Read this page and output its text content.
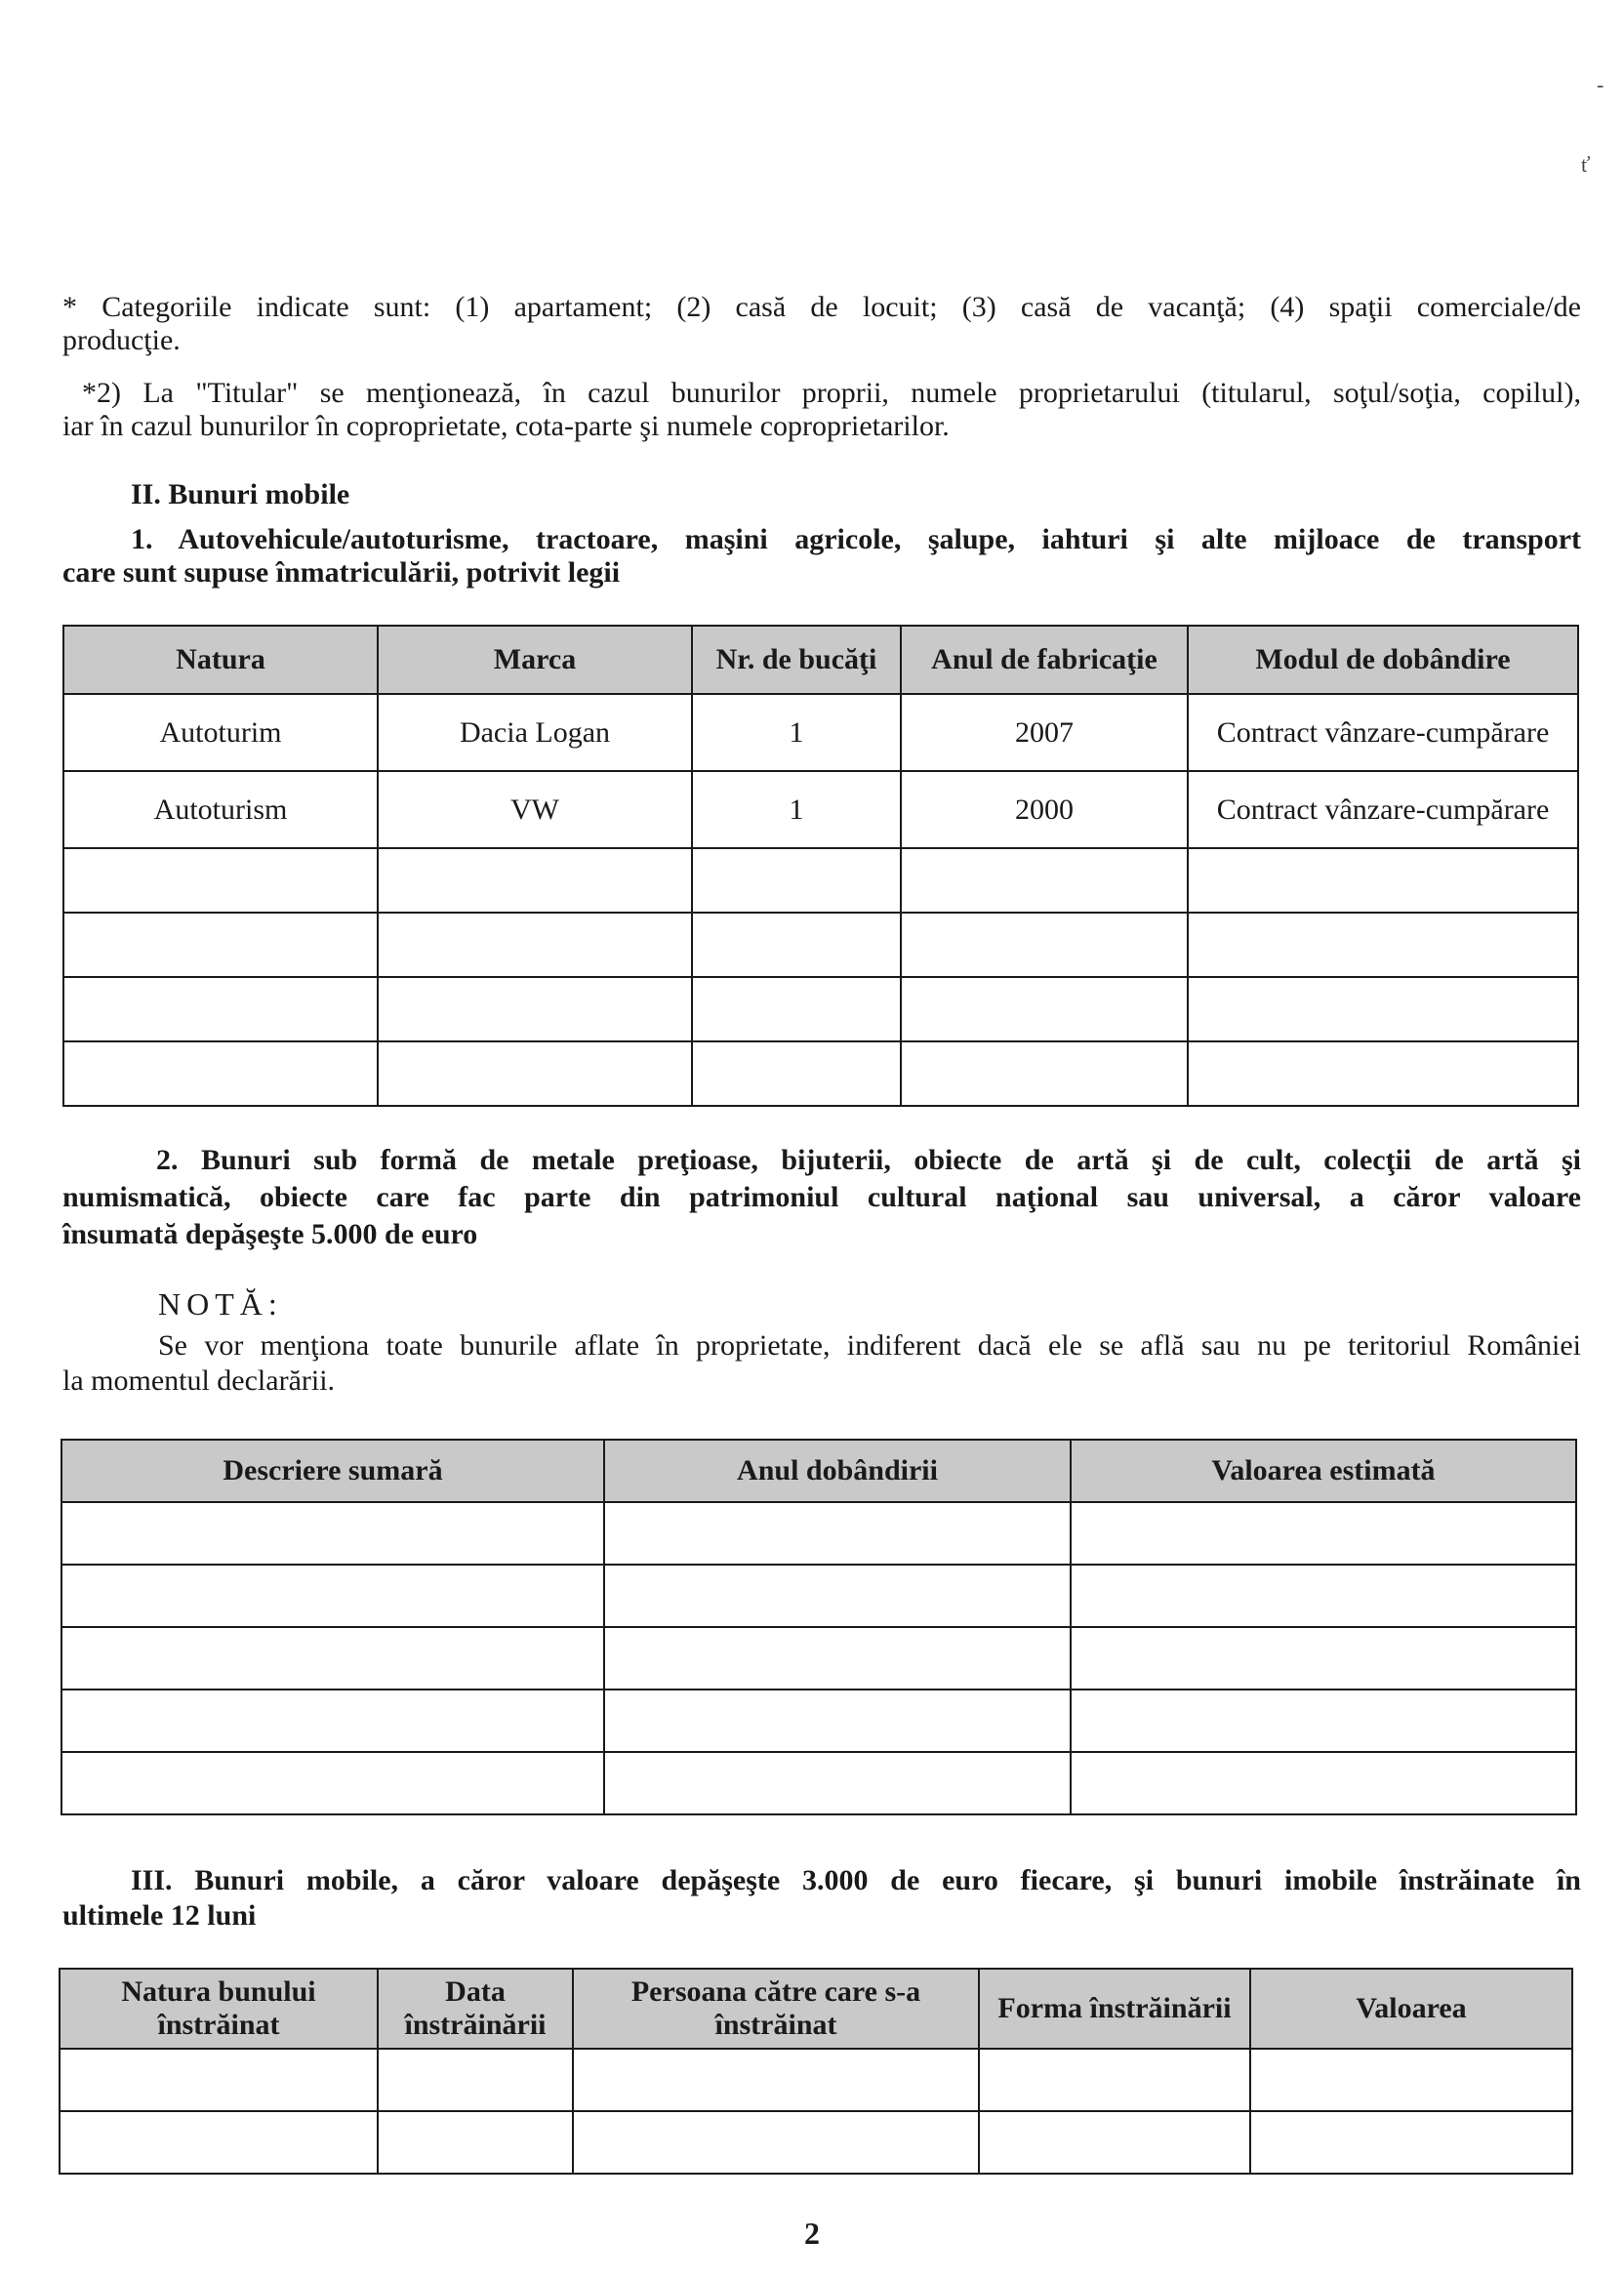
-
ť
* Categoriile indicate sunt: (1) apartament; (2) casă de locuit; (3) casă de vacanţă; (4) spaţii comerciale/de
producţie.
*2) La "Titular" se menţionează, în cazul bunurilor proprii, numele proprietarului (titularul, soţul/soţia, copilul),
iar în cazul bunurilor în coproprietate, cota-parte şi numele coproprietarilor.
II. Bunuri mobile
1. Autovehicule/autoturisme, tractoare, maşini agricole, şalupe, iahturi şi alte mijloace de transport
care sunt supuse înmatriculării, potrivit legii
Natura	Marca	Nr. de bucăţi	Anul de fabricaţie	Modul de dobândire
Autoturim	Dacia Logan	1	2007	Contract vânzare-cumpărare
Autoturism	VW	1	2000	Contract vânzare-cumpărare

2. Bunuri sub formă de metale preţioase, bijuterii, obiecte de artă şi de cult, colecţii de artă şi
numismatică, obiecte care fac parte din patrimoniul cultural naţional sau universal, a căror valoare
însumată depăşeşte 5.000 de euro
NOTĂ:
Se vor menţiona toate bunurile aflate în proprietate, indiferent dacă ele se află sau nu pe teritoriul României
la momentul declarării.
Descriere sumară	Anul dobândirii	Valoarea estimată

III. Bunuri mobile, a căror valoare depăşeşte 3.000 de euro fiecare, şi bunuri imobile înstrăinate în
ultimele 12 luni
Natura bunului înstrăinat	Data înstrăinării	Persoana către care s-a înstrăinat	Forma înstrăinării	Valoarea

2
